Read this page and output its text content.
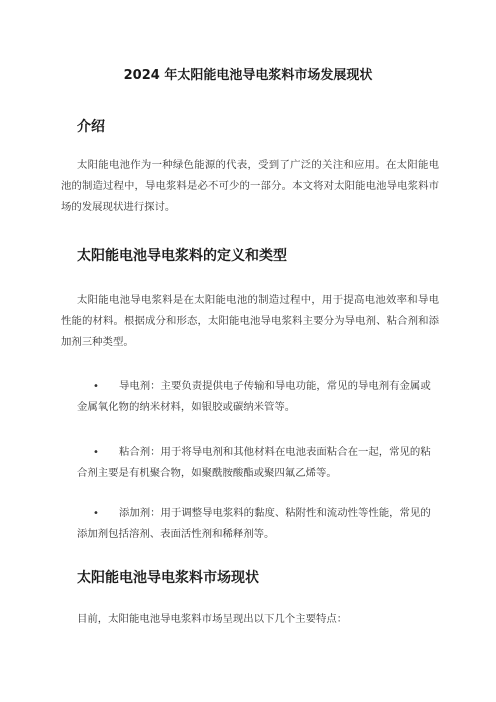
2024 年太阳能电池导电浆料市场发展现状
介绍
太阳能电池作为一种绿色能源的代表，受到了广泛的关注和应用。在太阳能电池的制造过程中，导电浆料是必不可少的一部分。本文将对太阳能电池导电浆料市场的发展现状进行探讨。
太阳能电池导电浆料的定义和类型
太阳能电池导电浆料是在太阳能电池的制造过程中，用于提高电池效率和导电性能的材料。根据成分和形态，太阳能电池导电浆料主要分为导电剂、粘合剂和添加剂三种类型。
•	导电剂：主要负责提供电子传输和导电功能，常见的导电剂有金属或金属氧化物的纳米材料，如银胶或碳纳米管等。
•	粘合剂：用于将导电剂和其他材料在电池表面粘合在一起，常见的粘合剂主要是有机聚合物，如聚酰胺酸酯或聚四氟乙烯等。
•	添加剂：用于调整导电浆料的黏度、粘附性和流动性等性能，常见的添加剂包括溶剂、表面活性剂和稀释剂等。
太阳能电池导电浆料市场现状
目前，太阳能电池导电浆料市场呈现出以下几个主要特点：
